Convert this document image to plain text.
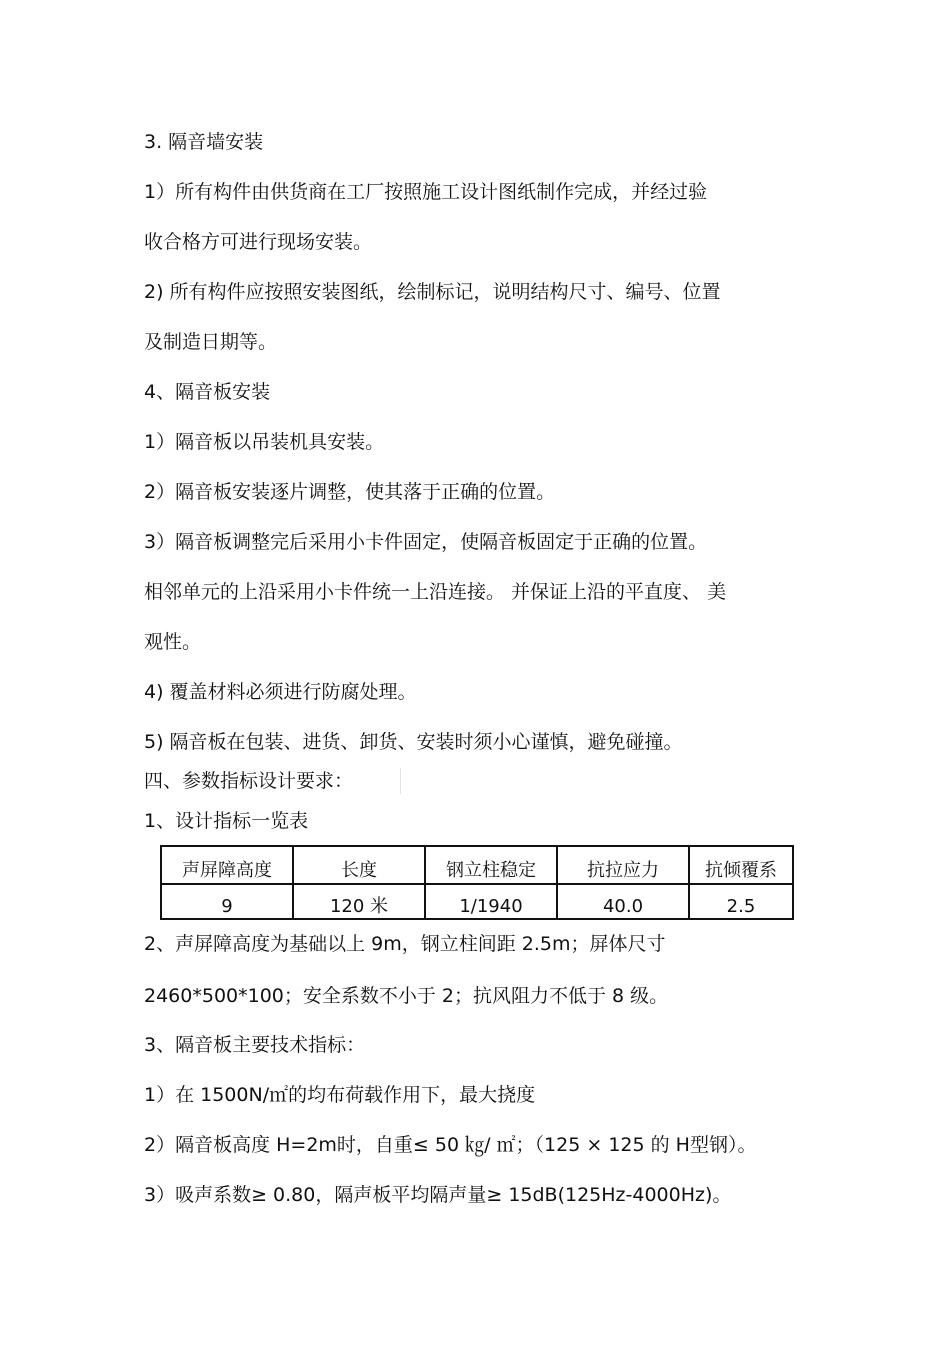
3. 隔音墙安装
1）所有构件由供货商在工厂按照施工设计图纸制作完成，并经过验
收合格方可进行现场安装。
2) 所有构件应按照安装图纸，绘制标记，说明结构尺寸、编号、位置
及制造日期等。
4、隔音板安装
1）隔音板以吊装机具安装。
2）隔音板安装逐片调整，使其落于正确的位置。
3）隔音板调整完后采用小卡件固定，使隔音板固定于正确的位置。
相邻单元的上沿采用小卡件统一上沿连接。 并保证上沿的平直度、 美
观性。
4) 覆盖材料必须进行防腐处理。
5) 隔音板在包装、进货、卸货、安装时须小心谨慎，避免碰撞。
四、参数指标设计要求：
1、设计指标一览表
声屏障高度	长度	钢立柱稳定	抗拉应力	抗倾覆系
9	120 米	1/1940	40.0	2.5
2、声屏障高度为基础以上 9m，钢立柱间距 2.5m；屏体尺寸
2460*500*100；安全系数不小于 2；抗风阻力不低于 8 级。
3、隔音板主要技术指标：
1）在 1500N/㎡的均布荷载作用下，最大挠度
2）隔音板高度 H=2m时，自重≤ 50 ㎏/ ㎡；（125 × 125 的 H型钢）。
3）吸声系数≥ 0.80，隔声板平均隔声量≥ 15dB(125Hz-4000Hz)。
